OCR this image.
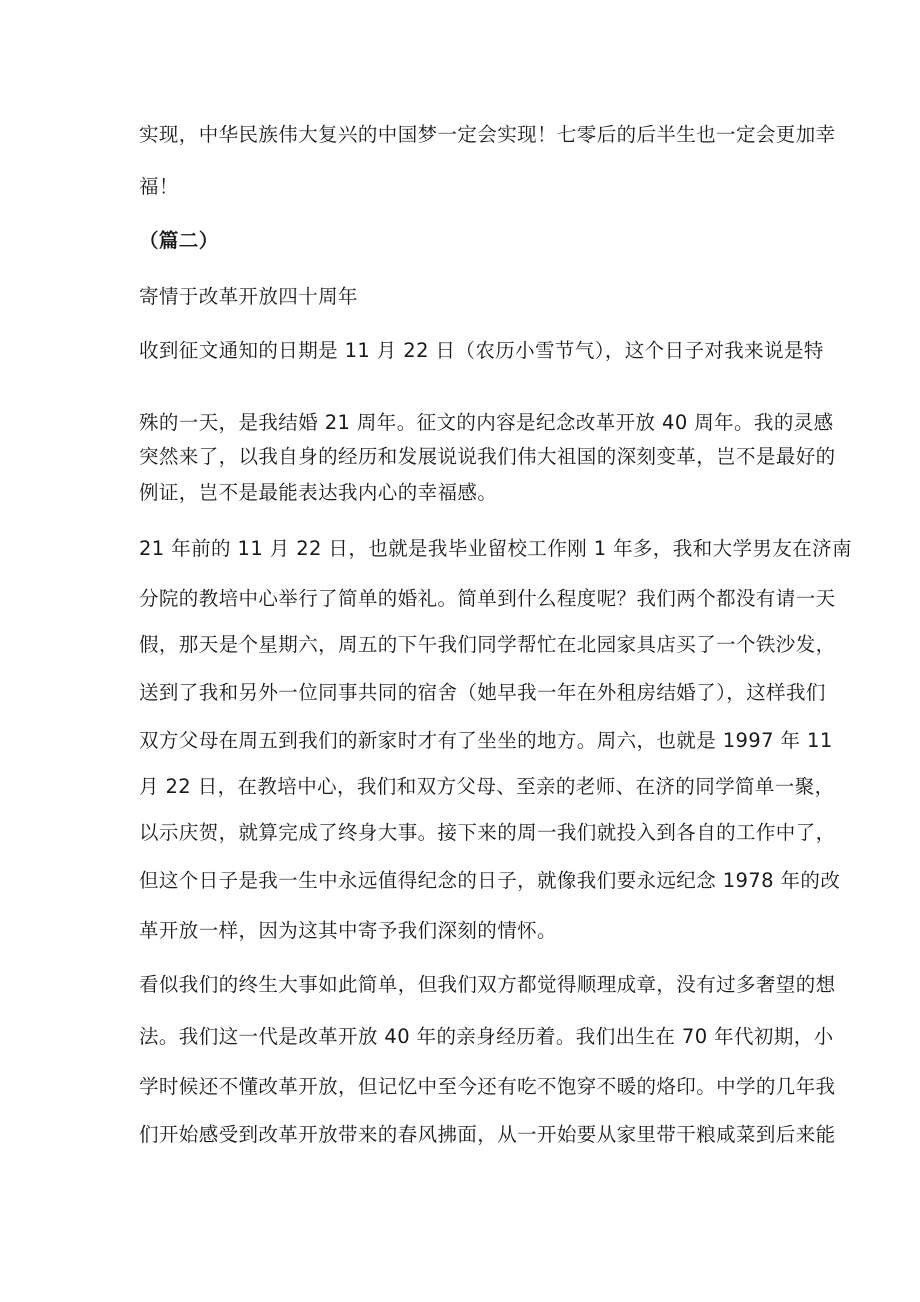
实现，中华民族伟大复兴的中国梦一定会实现！七零后的后半生也一定会更加幸
福！
（篇二）
寄情于改革开放四十周年
收到征文通知的日期是 11 月 22 日（农历小雪节气），这个日子对我来说是特
殊的一天，是我结婚 21 周年。征文的内容是纪念改革开放 40 周年。我的灵感
突然来了，以我自身的经历和发展说说我们伟大祖国的深刻变革，岂不是最好的
例证，岂不是最能表达我内心的幸福感。
21 年前的 11 月 22 日，也就是我毕业留校工作刚 1 年多，我和大学男友在济南
分院的教培中心举行了简单的婚礼。简单到什么程度呢？我们两个都没有请一天
假，那天是个星期六，周五的下午我们同学帮忙在北园家具店买了一个铁沙发，
送到了我和另外一位同事共同的宿舍（她早我一年在外租房结婚了），这样我们
双方父母在周五到我们的新家时才有了坐坐的地方。周六，也就是 1997 年 11
月 22 日，在教培中心，我们和双方父母、至亲的老师、在济的同学简单一聚，
以示庆贺，就算完成了终身大事。接下来的周一我们就投入到各自的工作中了，
但这个日子是我一生中永远值得纪念的日子，就像我们要永远纪念 1978 年的改
革开放一样，因为这其中寄予我们深刻的情怀。
看似我们的终生大事如此简单，但我们双方都觉得顺理成章，没有过多奢望的想
法。我们这一代是改革开放 40 年的亲身经历着。我们出生在 70 年代初期，小
学时候还不懂改革开放，但记忆中至今还有吃不饱穿不暖的烙印。中学的几年我
们开始感受到改革开放带来的春风拂面，从一开始要从家里带干粮咸菜到后来能
